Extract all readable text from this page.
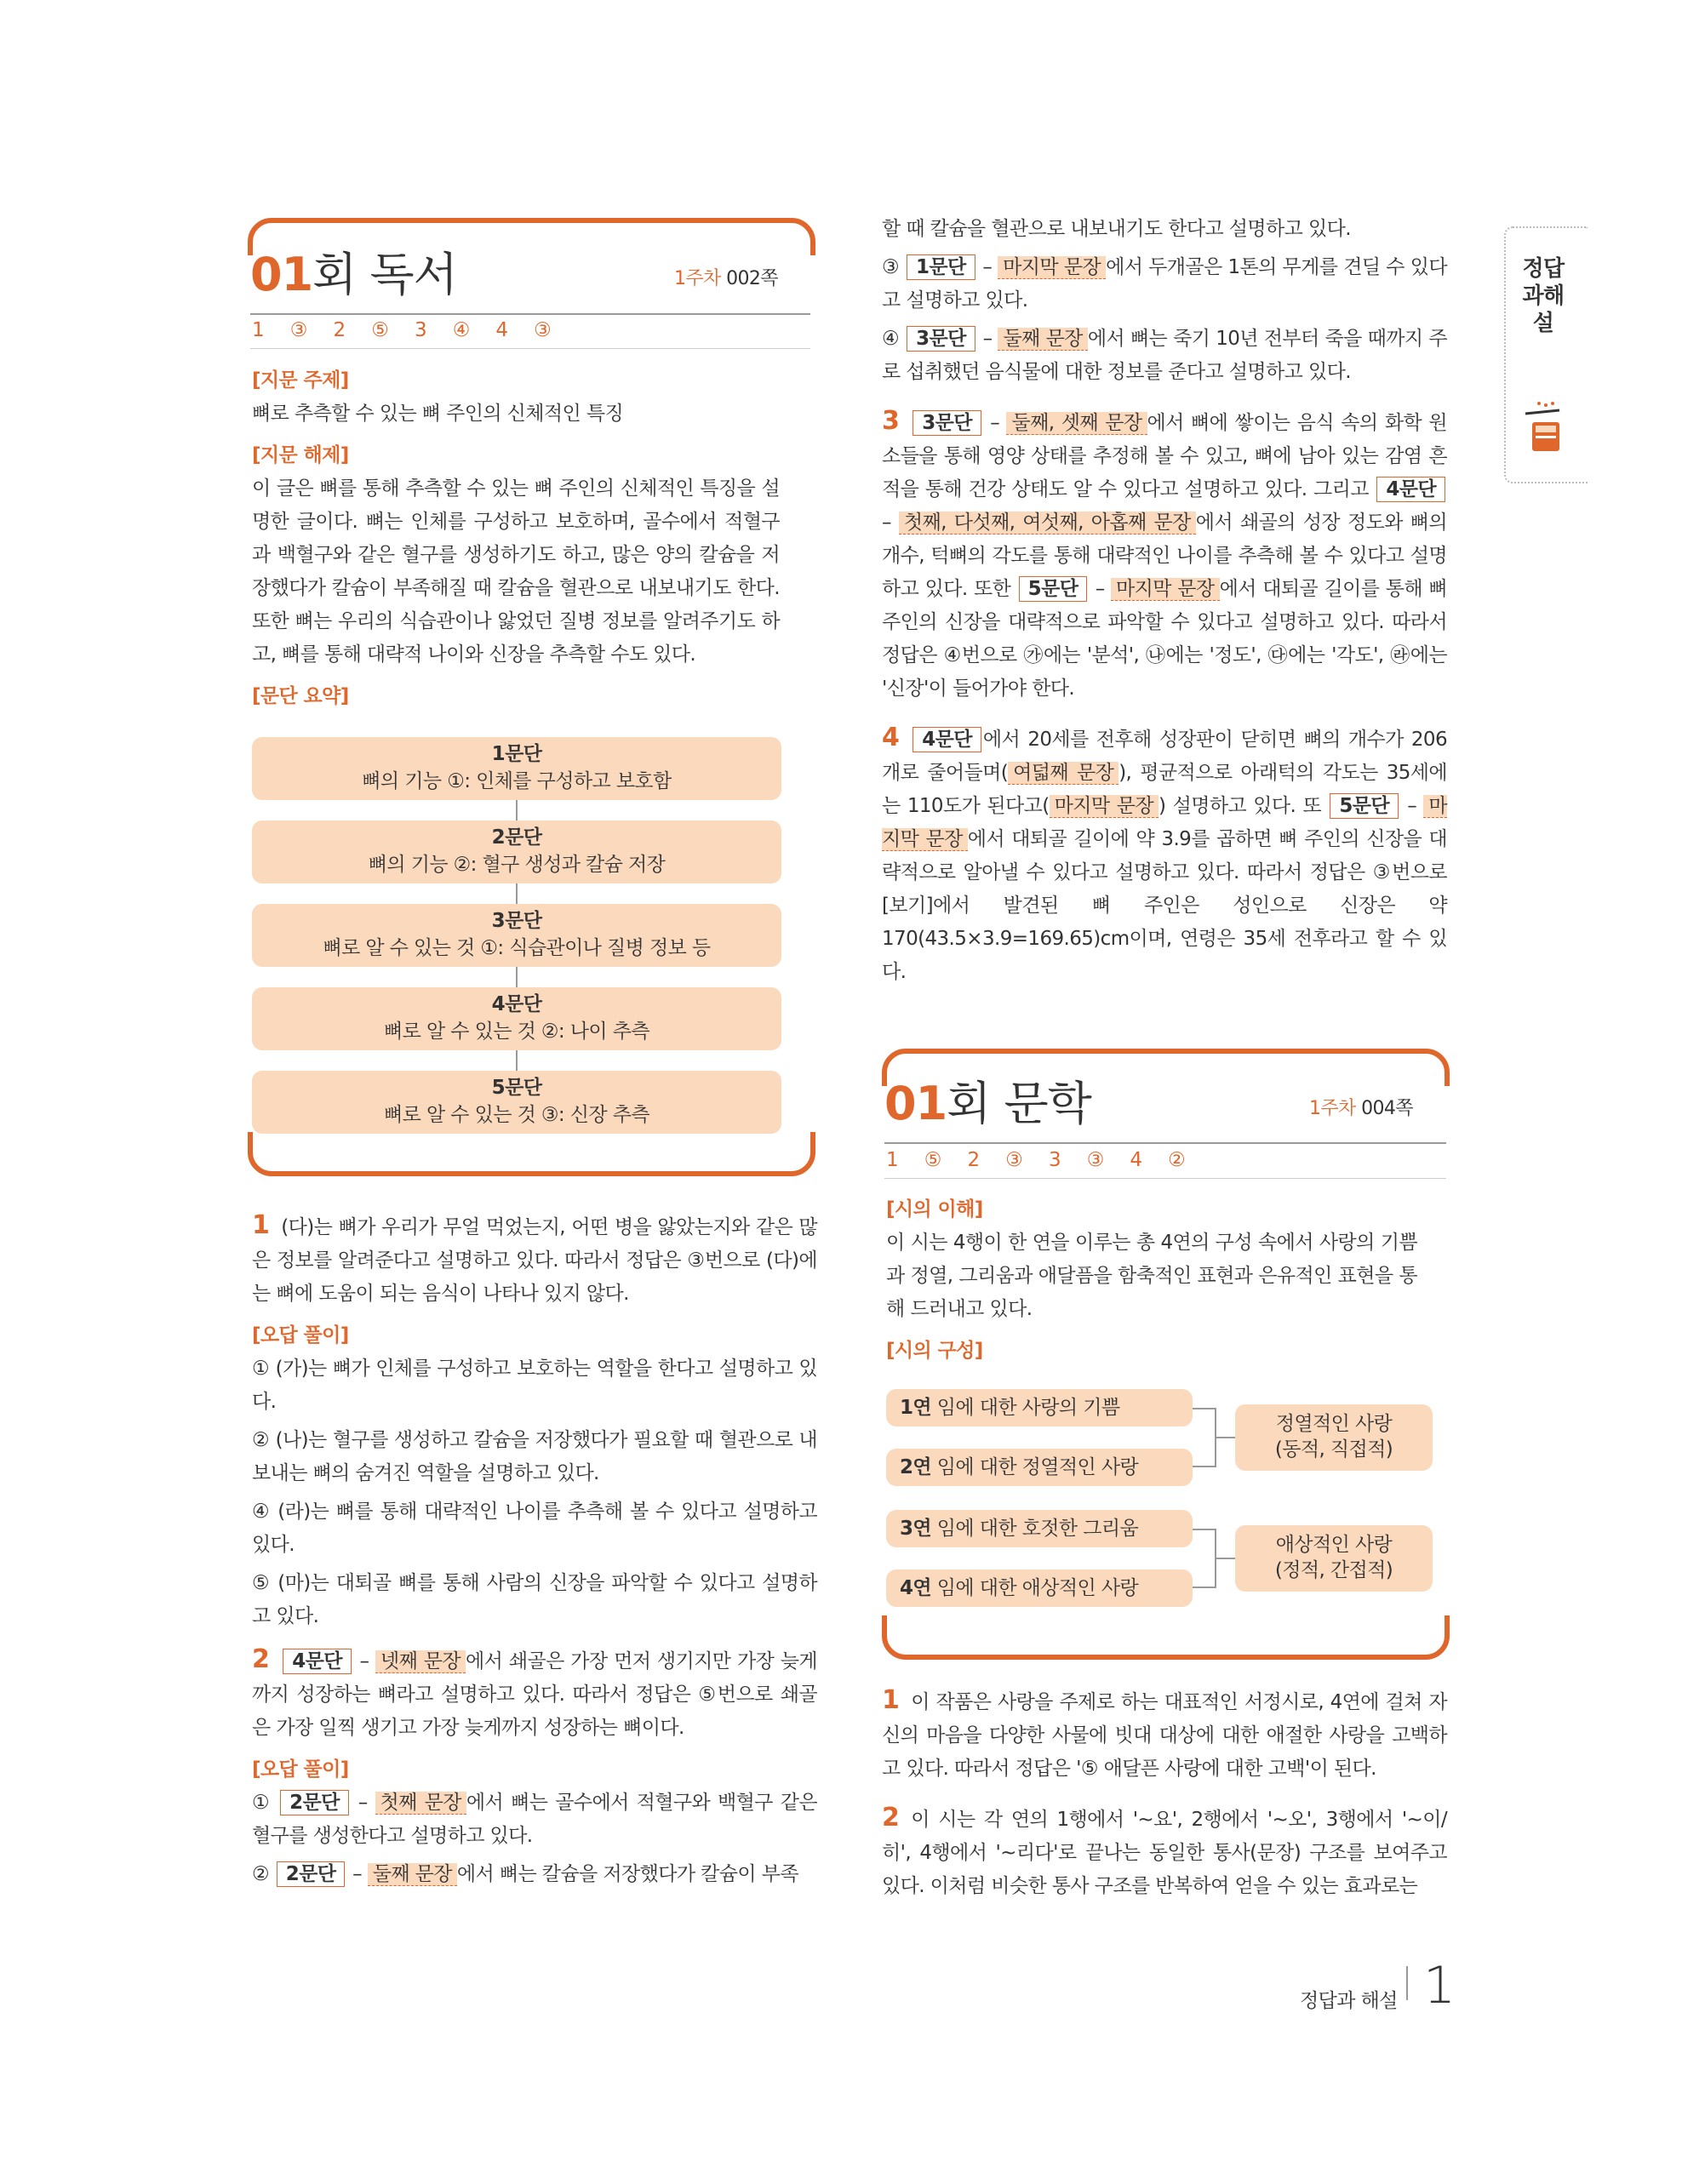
01회 독서	1주차 002쪽
1 ③ 2 ⑤ 3 ④ 4 ③
[지문 주제]
뼈로 추측할 수 있는 뼈 주인의 신체적인 특징
[지문 해제]
이 글은 뼈를 통해 추측할 수 있는 뼈 주인의 신체적인 특징을 설명한 글이다. 뼈는 인체를 구성하고 보호하며, 골수에서 적혈구과 백혈구와 같은 혈구를 생성하기도 하고, 많은 양의 칼슘을 저장했다가 칼슘이 부족해질 때 칼슘을 혈관으로 내보내기도 한다. 또한 뼈는 우리의 식습관이나 앓었던 질병 정보를 알려주기도 하고, 뼈를 통해 대략적 나이와 신장을 추측할 수도 있다.
[문단 요약]
1문단
뼈의 기능 ①: 인체를 구성하고 보호함
2문단
뼈의 기능 ②: 혈구 생성과 칼슘 저장
3문단
뼈로 알 수 있는 것 ①: 식습관이나 질병 정보 등
4문단
뼈로 알 수 있는 것 ②: 나이 추측
5문단
뼈로 알 수 있는 것 ③: 신장 추측
1 (다)는 뼈가 우리가 무얼 먹었는지, 어떤 병을 앓았는지와 같은 많은 정보를 알려준다고 설명하고 있다. 따라서 정답은 ③번으로 (다)에는 뼈에 도움이 되는 음식이 나타나 있지 않다.
[오답 풀이]
① (가)는 뼈가 인체를 구성하고 보호하는 역할을 한다고 설명하고 있다.
② (나)는 혈구를 생성하고 칼슘을 저장했다가 필요할 때 혈관으로 내보내는 뼈의 숨겨진 역할을 설명하고 있다.
④ (라)는 뼈를 통해 대략적인 나이를 추측해 볼 수 있다고 설명하고 있다.
⑤ (마)는 대퇴골 뼈를 통해 사람의 신장을 파악할 수 있다고 설명하고 있다.
2 4문단 – 넷째 문장 에서 쇄골은 가장 먼저 생기지만 가장 늦게까지 성장하는 뼈라고 설명하고 있다. 따라서 정답은 ⑤번으로 쇄골은 가장 일찍 생기고 가장 늦게까지 성장하는 뼈이다.
[오답 풀이]
① 2문단 – 첫째 문장 에서 뼈는 골수에서 적혈구와 백혈구 같은 혈구를 생성한다고 설명하고 있다.
② 2문단 – 둘째 문장 에서 뼈는 칼슘을 저장했다가 칼슘이 부족
할 때 칼슘을 혈관으로 내보내기도 한다고 설명하고 있다.
③ 1문단 – 마지막 문장 에서 두개골은 1톤의 무게를 견딜 수 있다고 설명하고 있다.
④ 3문단 – 둘째 문장 에서 뼈는 죽기 10년 전부터 죽을 때까지 주로 섭취했던 음식물에 대한 정보를 준다고 설명하고 있다.
3 3문단 – 둘째, 셋째 문장 에서 뼈에 쌓이는 음식 속의 화학 원소들을 통해 영양 상태를 추정해 볼 수 있고, 뼈에 남아 있는 감염 흔적을 통해 건강 상태도 알 수 있다고 설명하고 있다. 그리고 4문단 – 첫째, 다섯째, 여섯째, 아홉째 문장 에서 쇄골의 성장 정도와 뼈의 개수, 턱뼈의 각도를 통해 대략적인 나이를 추측해 볼 수 있다고 설명하고 있다. 또한 5문단 – 마지막 문장 에서 대퇴골 길이를 통해 뼈 주인의 신장을 대략적으로 파악할 수 있다고 설명하고 있다. 따라서 정답은 ④번으로 ㉮에는 '분석', ㉯에는 '정도', ㉰에는 '각도', ㉱에는 '신장'이 들어가야 한다.
4 4문단 에서 20세를 전후해 성장판이 닫히면 뼈의 개수가 206개로 줄어들며( 여덟째 문장 ), 평균적으로 아래턱의 각도는 35세에는 110도가 된다고( 마지막 문장 ) 설명하고 있다. 또 5문단 – 마지막 문장 에서 대퇴골 길이에 약 3.9를 곱하면 뼈 주인의 신장을 대략적으로 알아낼 수 있다고 설명하고 있다. 따라서 정답은 ③번으로 [보기]에서 발견된 뼈 주인은 성인으로 신장은 약 170(43.5×3.9=169.65)cm이며, 연령은 35세 전후라고 할 수 있다.
01회 문학	1주차 004쪽
1 ⑤ 2 ③ 3 ③ 4 ②
[시의 이해]
이 시는 4행이 한 연을 이루는 총 4연의 구성 속에서 사랑의 기쁨과 정열, 그리움과 애달픔을 함축적인 표현과 은유적인 표현을 통해 드러내고 있다.
[시의 구성]
1연 임에 대한 사랑의 기쁨
2연 임에 대한 정열적인 사랑
3연 임에 대한 호젓한 그리움
4연 임에 대한 애상적인 사랑
정열적인 사랑
(동적, 직접적)
애상적인 사랑
(정적, 간접적)
1 이 작품은 사랑을 주제로 하는 대표적인 서정시로, 4연에 걸쳐 자신의 마음을 다양한 사물에 빗대 대상에 대한 애절한 사랑을 고백하고 있다. 따라서 정답은 '⑤ 애달픈 사랑에 대한 고백'이 된다.
2 이 시는 각 연의 1행에서 '~요', 2행에서 '~오', 3행에서 '~이/히', 4행에서 '~리다'로 끝나는 동일한 통사(문장) 구조를 보여주고 있다. 이처럼 비슷한 통사 구조를 반복하여 얻을 수 있는 효과로는
정답과해설
정답과 해설 1
